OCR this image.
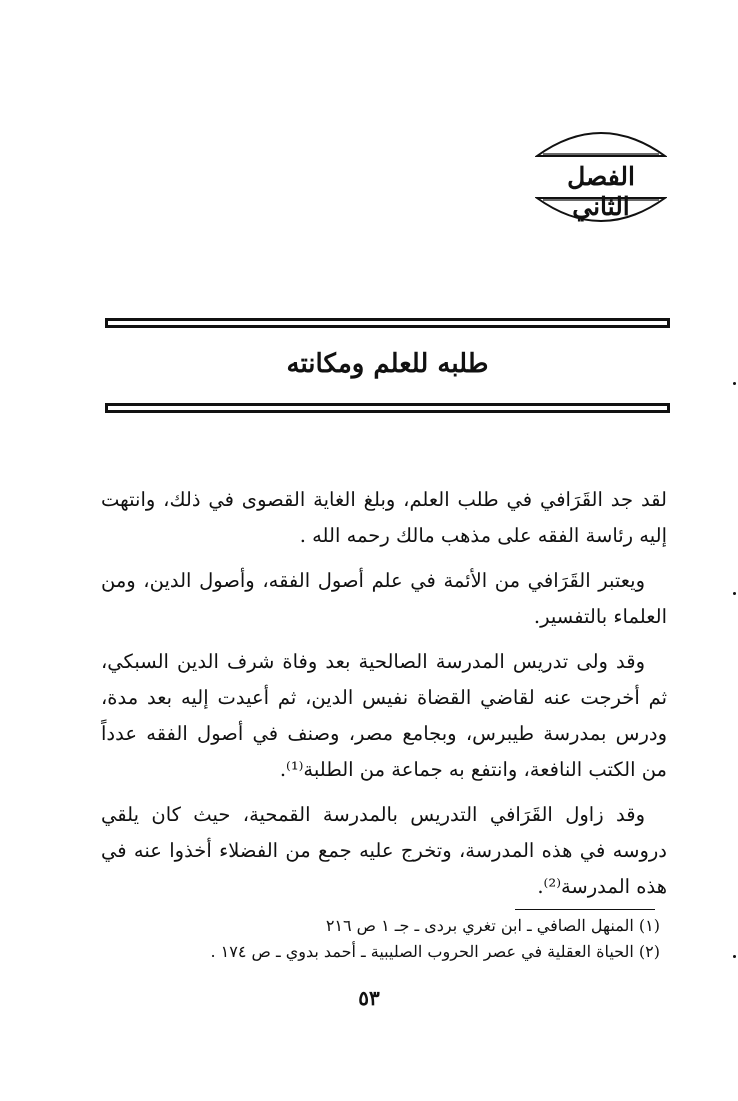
الفصل الثاني
طلبه للعلم ومكانته

لقد جد القَرَافي في طلب العلم، وبلغ الغاية القصوى في ذلك، وانتهت إليه رئاسة الفقه على مذهب مالك رحمه الله .

ويعتبر القَرَافي من الأئمة في علم أصول الفقه، وأصول الدين، ومن العلماء بالتفسير.

وقد ولى تدريس المدرسة الصالحية بعد وفاة شرف الدين السبكي، ثم أخرجت عنه لقاضي القضاة نفيس الدين، ثم أعيدت إليه بعد مدة، ودرس بمدرسة طيبرس، وبجامع مصر، وصنف في أصول الفقه عدداً من الكتب النافعة، وانتفع به جماعة من الطلبة⁽¹⁾.

وقد زاول القَرَافي التدريس بالمدرسة القمحية، حيث كان يلقي دروسه في هذه المدرسة، وتخرج عليه جمع من الفضلاء أخذوا عنه في هذه المدرسة⁽²⁾.

(١) المنهل الصافي ـ ابن تغري بردى ـ جـ ١ ص ٢١٦
(٢) الحياة العقلية في عصر الحروب الصليبية ـ أحمد بدوي ـ ص ١٧٤ .
٥٣
